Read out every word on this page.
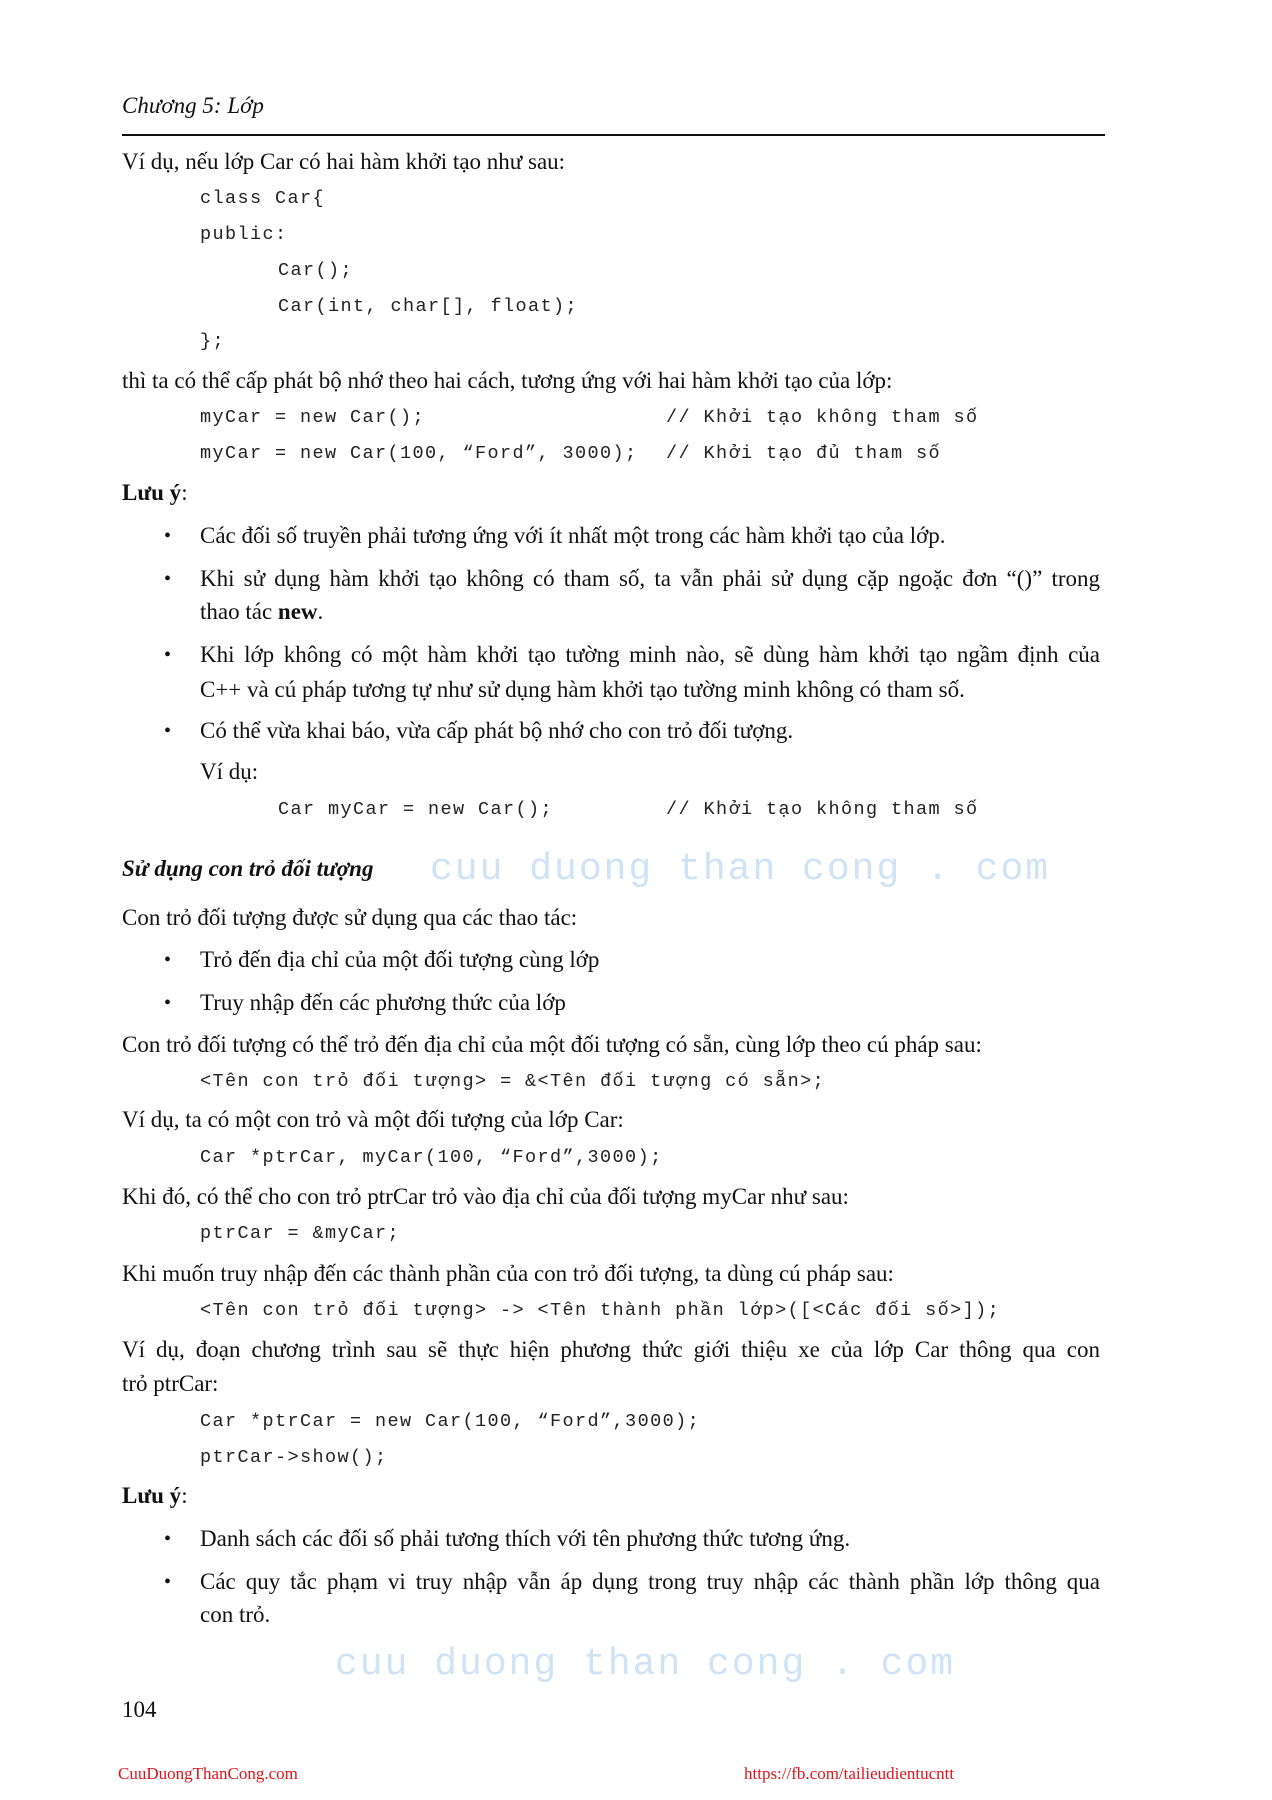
cuu duong than cong . com
cuu duong than cong . com
Chương 5: Lớp
Ví dụ, nếu lớp Car có hai hàm khởi tạo như sau:
class Car{
public:
Car();
Car(int, char[], float);
};
thì ta có thể cấp phát bộ nhớ theo hai cách, tương ứng với hai hàm khởi tạo của lớp:
myCar = new Car();	// Khởi tạo không tham số
myCar = new Car(100, “Ford”, 3000); // Khởi tạo đủ tham số
Lưu ý:
• Các đối số truyền phải tương ứng với ít nhất một trong các hàm khởi tạo của lớp.
• Khi sử dụng hàm khởi tạo không có tham số, ta vẫn phải sử dụng cặp ngoặc đơn “()” trong
thao tác new.
• Khi lớp không có một hàm khởi tạo tường minh nào, sẽ dùng hàm khởi tạo ngầm định của
C++ và cú pháp tương tự như sử dụng hàm khởi tạo tường minh không có tham số.
• Có thể vừa khai báo, vừa cấp phát bộ nhớ cho con trỏ đối tượng.
Ví dụ:
Car myCar = new Car();	// Khởi tạo không tham số
Sử dụng con trỏ đối tượng
Con trỏ đối tượng được sử dụng qua các thao tác:
• Trỏ đến địa chỉ của một đối tượng cùng lớp
• Truy nhập đến các phương thức của lớp
Con trỏ đối tượng có thể trỏ đến địa chỉ của một đối tượng có sẵn, cùng lớp theo cú pháp sau:
<Tên con trỏ đối tượng> = &<Tên đối tượng có sẵn>;
Ví dụ, ta có một con trỏ và một đối tượng của lớp Car:
Car *ptrCar, myCar(100, “Ford”,3000);
Khi đó, có thể cho con trỏ ptrCar trỏ vào địa chỉ của đối tượng myCar như sau:
ptrCar = &myCar;
Khi muốn truy nhập đến các thành phần của con trỏ đối tượng, ta dùng cú pháp sau:
<Tên con trỏ đối tượng> -> <Tên thành phần lớp>([<Các đối số>]);
Ví dụ, đoạn chương trình sau sẽ thực hiện phương thức giới thiệu xe của lớp Car thông qua con
trỏ ptrCar:
Car *ptrCar = new Car(100, “Ford”,3000);
ptrCar->show();
Lưu ý:
• Danh sách các đối số phải tương thích với tên phương thức tương ứng.
• Các quy tắc phạm vi truy nhập vẫn áp dụng trong truy nhập các thành phần lớp thông qua
con trỏ.
104
CuuDuongThanCong.com	https://fb.com/tailieudientucntt
